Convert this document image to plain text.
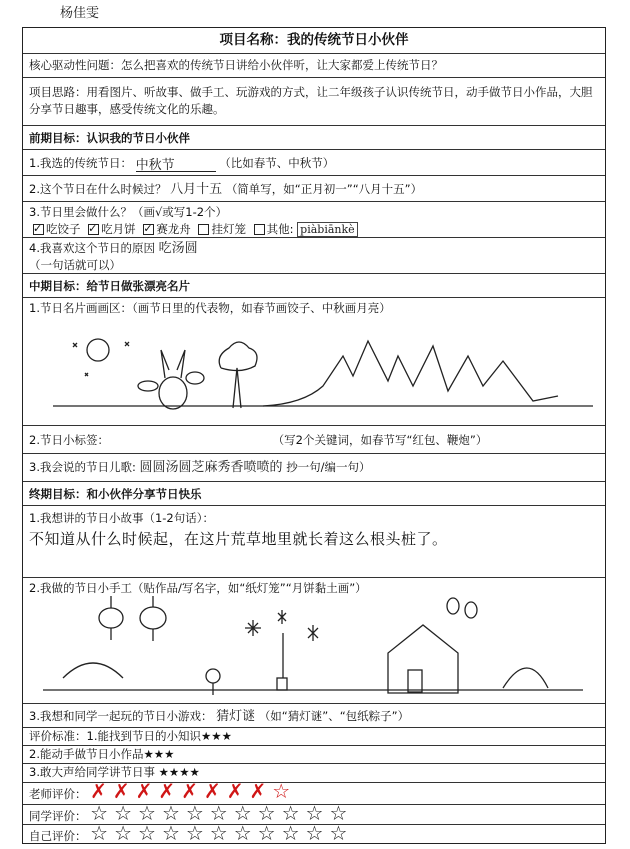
杨佳雯
项目名称：我的传统节日小伙伴
核心驱动性问题：怎么把喜欢的传统节日讲给小伙伴听，让大家都爱上传统节日？
项目思路：用看图片、听故事、做手工、玩游戏的方式，让二年级孩子认识传统节日，动手做节日小作品，大胆分享节日趣事，感受传统文化的乐趣。
前期目标：认识我的节日小伙伴
1.我选的传统节日： 中秋节	（比如春节、中秋节）
2.这个节日在什么时候过？ 八月十五 （简单写，如“正月初一”“八月十五”）
3.节日里会做什么？（画√或写1-2个）
✓吃饺子 ✓ 吃月饼 ✓ 赛龙舟 挂灯笼 其他: piàbiānkè
4.我喜欢这个节日的原因 吃汤圆
（一句话就可以）
中期目标：给节日做张漂亮名片
1.节日名片画画区：（画节日里的代表物，如春节画饺子、中秋画月亮）
2.节日小标签：	（写2个关键词，如春节写“红包、鞭炮”）
3.我会说的节日儿歌: 圆圆汤圆芝麻秀香喷喷的 抄一句/编一句）
终期目标：和小伙伴分享节日快乐
1.我想讲的节日小故事（1-2句话）：
不知道从什么时候起，在这片荒草地里就长着这么根头桩了。
2.我做的节日小手工（贴作品/写名字，如“纸灯笼”“月饼黏土画”）
3.我想和同学一起玩的节日小游戏： 猜灯谜 （如“猜灯谜”、“包纸粽子”）
评价标准：1.能找到节日的小知识★★★
2.能动手做节日小作品★★★
3.敢大声给同学讲节日事 ★★★★
老师评价： ✗✗✗✗✗✗✗✗☆
同学评价： ☆☆☆☆☆☆☆☆☆☆☆
自己评价： ☆☆☆☆☆☆☆☆☆☆☆
